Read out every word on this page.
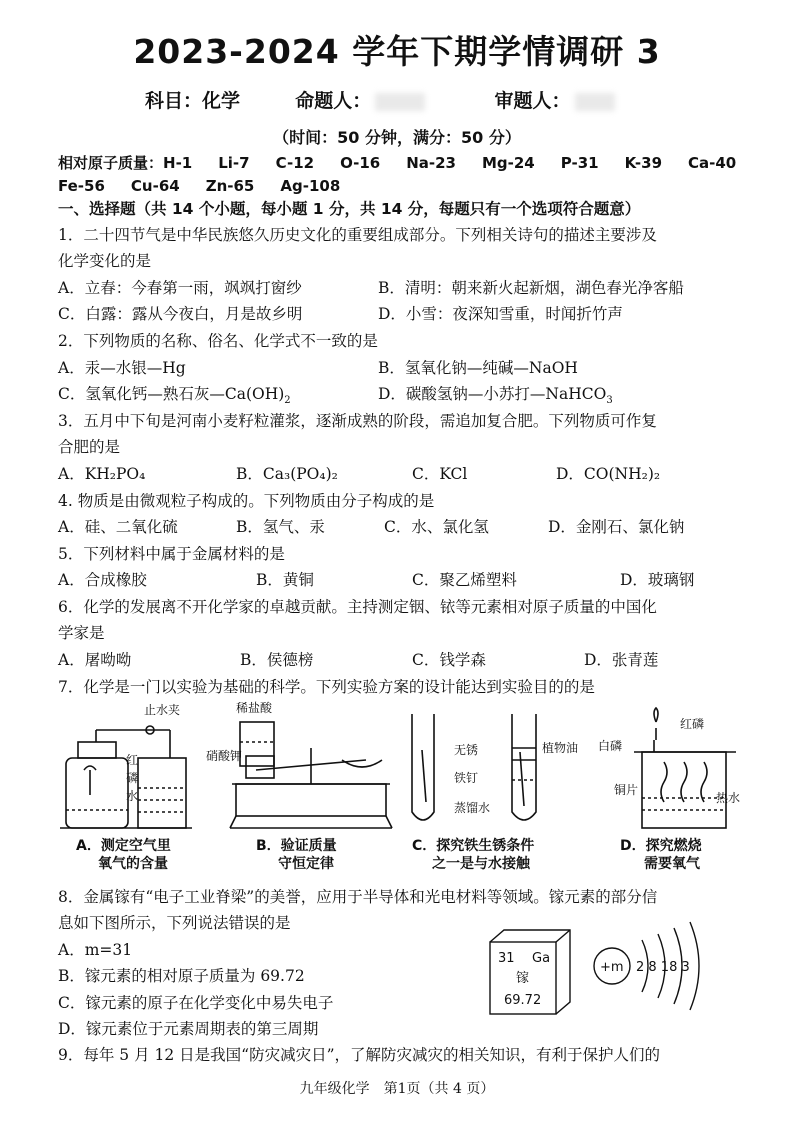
2023-2024 学年下期学情调研 3
科目：化学	命题人：	审题人：
（时间：50 分钟，满分：50 分）
相对原子质量：H-1 Li-7 C-12 O-16 Na-23 Mg-24 P-31 K-39 Ca-40
Fe-56 Cu-64 Zn-65 Ag-108
一、选择题（共 14 个小题，每小题 1 分，共 14 分，每题只有一个选项符合题意）
1．二十四节气是中华民族悠久历史文化的重要组成部分。下列相关诗句的描述主要涉及
化学变化的是
A．立春：今春第一雨，飒飒打窗纱	B．清明：朝来新火起新烟，湖色春光净客船
C．白露：露从今夜白，月是故乡明	D．小雪：夜深知雪重，时闻折竹声
2．下列物质的名称、俗名、化学式不一致的是
A．汞—水银—Hg	B．氢氧化钠—纯碱—NaOH
C．氢氧化钙—熟石灰$—Ca(OH)_2$	D．碳酸氢钠—小苏打—NaHCO$_3$
3．五月中下旬是河南小麦籽粒灌浆，逐渐成熟的阶段，需追加复合肥。下列物质可作复
合肥的是
A．KH₂PO₄	B．Ca₃(PO₄)₂	C．KCl	D．CO(NH₂)₂
4. 物质是由微观粒子构成的。下列物质由分子构成的是
A．硅、二氧化硫	B．氢气、汞	C．水、氯化氢	D．金刚石、氯化钠
5．下列材料中属于金属材料的是
A．合成橡胶	B．黄铜	C．聚乙烯塑料	D．玻璃钢
6．化学的发展离不开化学家的卓越贡献。主持测定铟、铱等元素相对原子质量的中国化
学家是
A．屠呦呦	B．侯德榜	C．钱学森	D．张青莲
7．化学是一门以实验为基础的科学。下列实验方案的设计能达到实验目的的是
止水夹
红
磷
水
稀盐酸
硝酸钾	无锈
铁钉
植物油
蒸馏水
红磷
白磷
铜片
热水
A．测定空气里
氧气的含量
B．验证质量
守恒定律
C．探究铁生锈条件
之一是与水接触
D．探究燃烧
需要氧气
8．金属镓有“电子工业脊梁”的美誉，应用于半导体和光电材料等领域。镓元素的部分信
息如下图所示，下列说法错误的是
A．m=31
B．镓元素的相对原子质量为 69.72
C．镓元素的原子在化学变化中易失电子
D．镓元素位于元素周期表的第三周期
31 Ga
镓
69.72
+m 2 8 18 3
9．每年 5 月 12 日是我国“防灾减灾日”，了解防灾减灾的相关知识，有利于保护人们的
九年级化学　第1页（共 4 页）
